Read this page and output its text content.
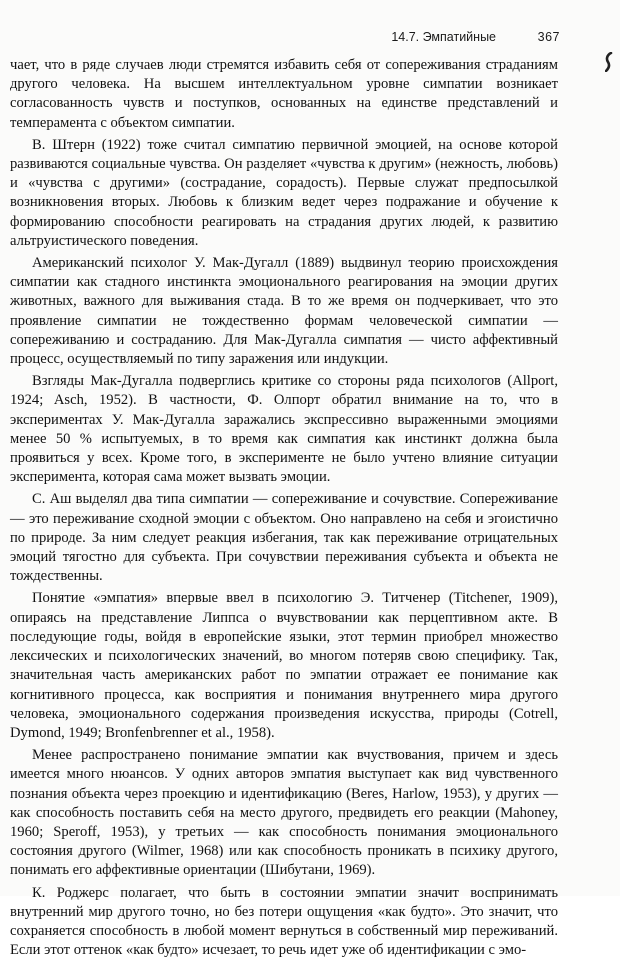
14.7. Эмпатийные	367

чает, что в ряде случаев люди стремятся избавить себя от сопереживания страданиям другого человека. На высшем интеллектуальном уровне симпатии возникает согласованность чувств и поступков, основанных на единстве представлений и темперамента с объектом симпатии.

В. Штерн (1922) тоже считал симпатию первичной эмоцией, на основе которой развиваются социальные чувства. Он разделяет «чувства к другим» (нежность, любовь) и «чувства с другими» (сострадание, сорадость). Первые служат предпосылкой возникновения вторых. Любовь к близким ведет через подражание и обучение к формированию способности реагировать на страдания других людей, к развитию альтруистического поведения.

Американский психолог У. Мак-Дугалл (1889) выдвинул теорию происхождения симпатии как стадного инстинкта эмоционального реагирования на эмоции других животных, важного для выживания стада. В то же время он подчеркивает, что это проявление симпатии не тождественно формам человеческой симпатии — сопереживанию и состраданию. Для Мак-Дугалла симпатия — чисто аффективный процесс, осуществляемый по типу заражения или индукции.

Взгляды Мак-Дугалла подверглись критике со стороны ряда психологов (Allport, 1924; Asch, 1952). В частности, Ф. Олпорт обратил внимание на то, что в экспериментах У. Мак-Дугалла заражались экспрессивно выраженными эмоциями менее 50 % испытуемых, в то время как симпатия как инстинкт должна была проявиться у всех. Кроме того, в эксперименте не было учтено влияние ситуации эксперимента, которая сама может вызвать эмоции.

С. Аш выделял два типа симпатии — сопереживание и сочувствие. Сопереживание — это переживание сходной эмоции с объектом. Оно направлено на себя и эгоистично по природе. За ним следует реакция избегания, так как переживание отрицательных эмоций тягостно для субъекта. При сочувствии переживания субъекта и объекта не тождественны.

Понятие «эмпатия» впервые ввел в психологию Э. Титченер (Titchener, 1909), опираясь на представление Липпса о вчувствовании как перцептивном акте. В последующие годы, войдя в европейские языки, этот термин приобрел множество лексических и психологических значений, во многом потеряв свою специфику. Так, значительная часть американских работ по эмпатии отражает ее понимание как когнитивного процесса, как восприятия и понимания внутреннего мира другого человека, эмоционального содержания произведения искусства, природы (Cotrell, Dymond, 1949; Bronfenbrenner et al., 1958).

Менее распространено понимание эмпатии как вчуствования, причем и здесь имеется много нюансов. У одних авторов эмпатия выступает как вид чувственного познания объекта через проекцию и идентификацию (Beres, Harlow, 1953), у других — как способность поставить себя на место другого, предвидеть его реакции (Mahoney, 1960; Speroff, 1953), у третьих — как способность понимания эмоционального состояния другого (Wilmer, 1968) или как способность проникать в психику другого, понимать его аффективные ориентации (Шибутани, 1969).

К. Роджерс полагает, что быть в состоянии эмпатии значит воспринимать внутренний мир другого точно, но без потери ощущения «как будто». Это значит, что сохраняется способность в любой момент вернуться в собственный мир переживаний. Если этот оттенок «как будто» исчезает, то речь идет уже об идентификации с эмо-
